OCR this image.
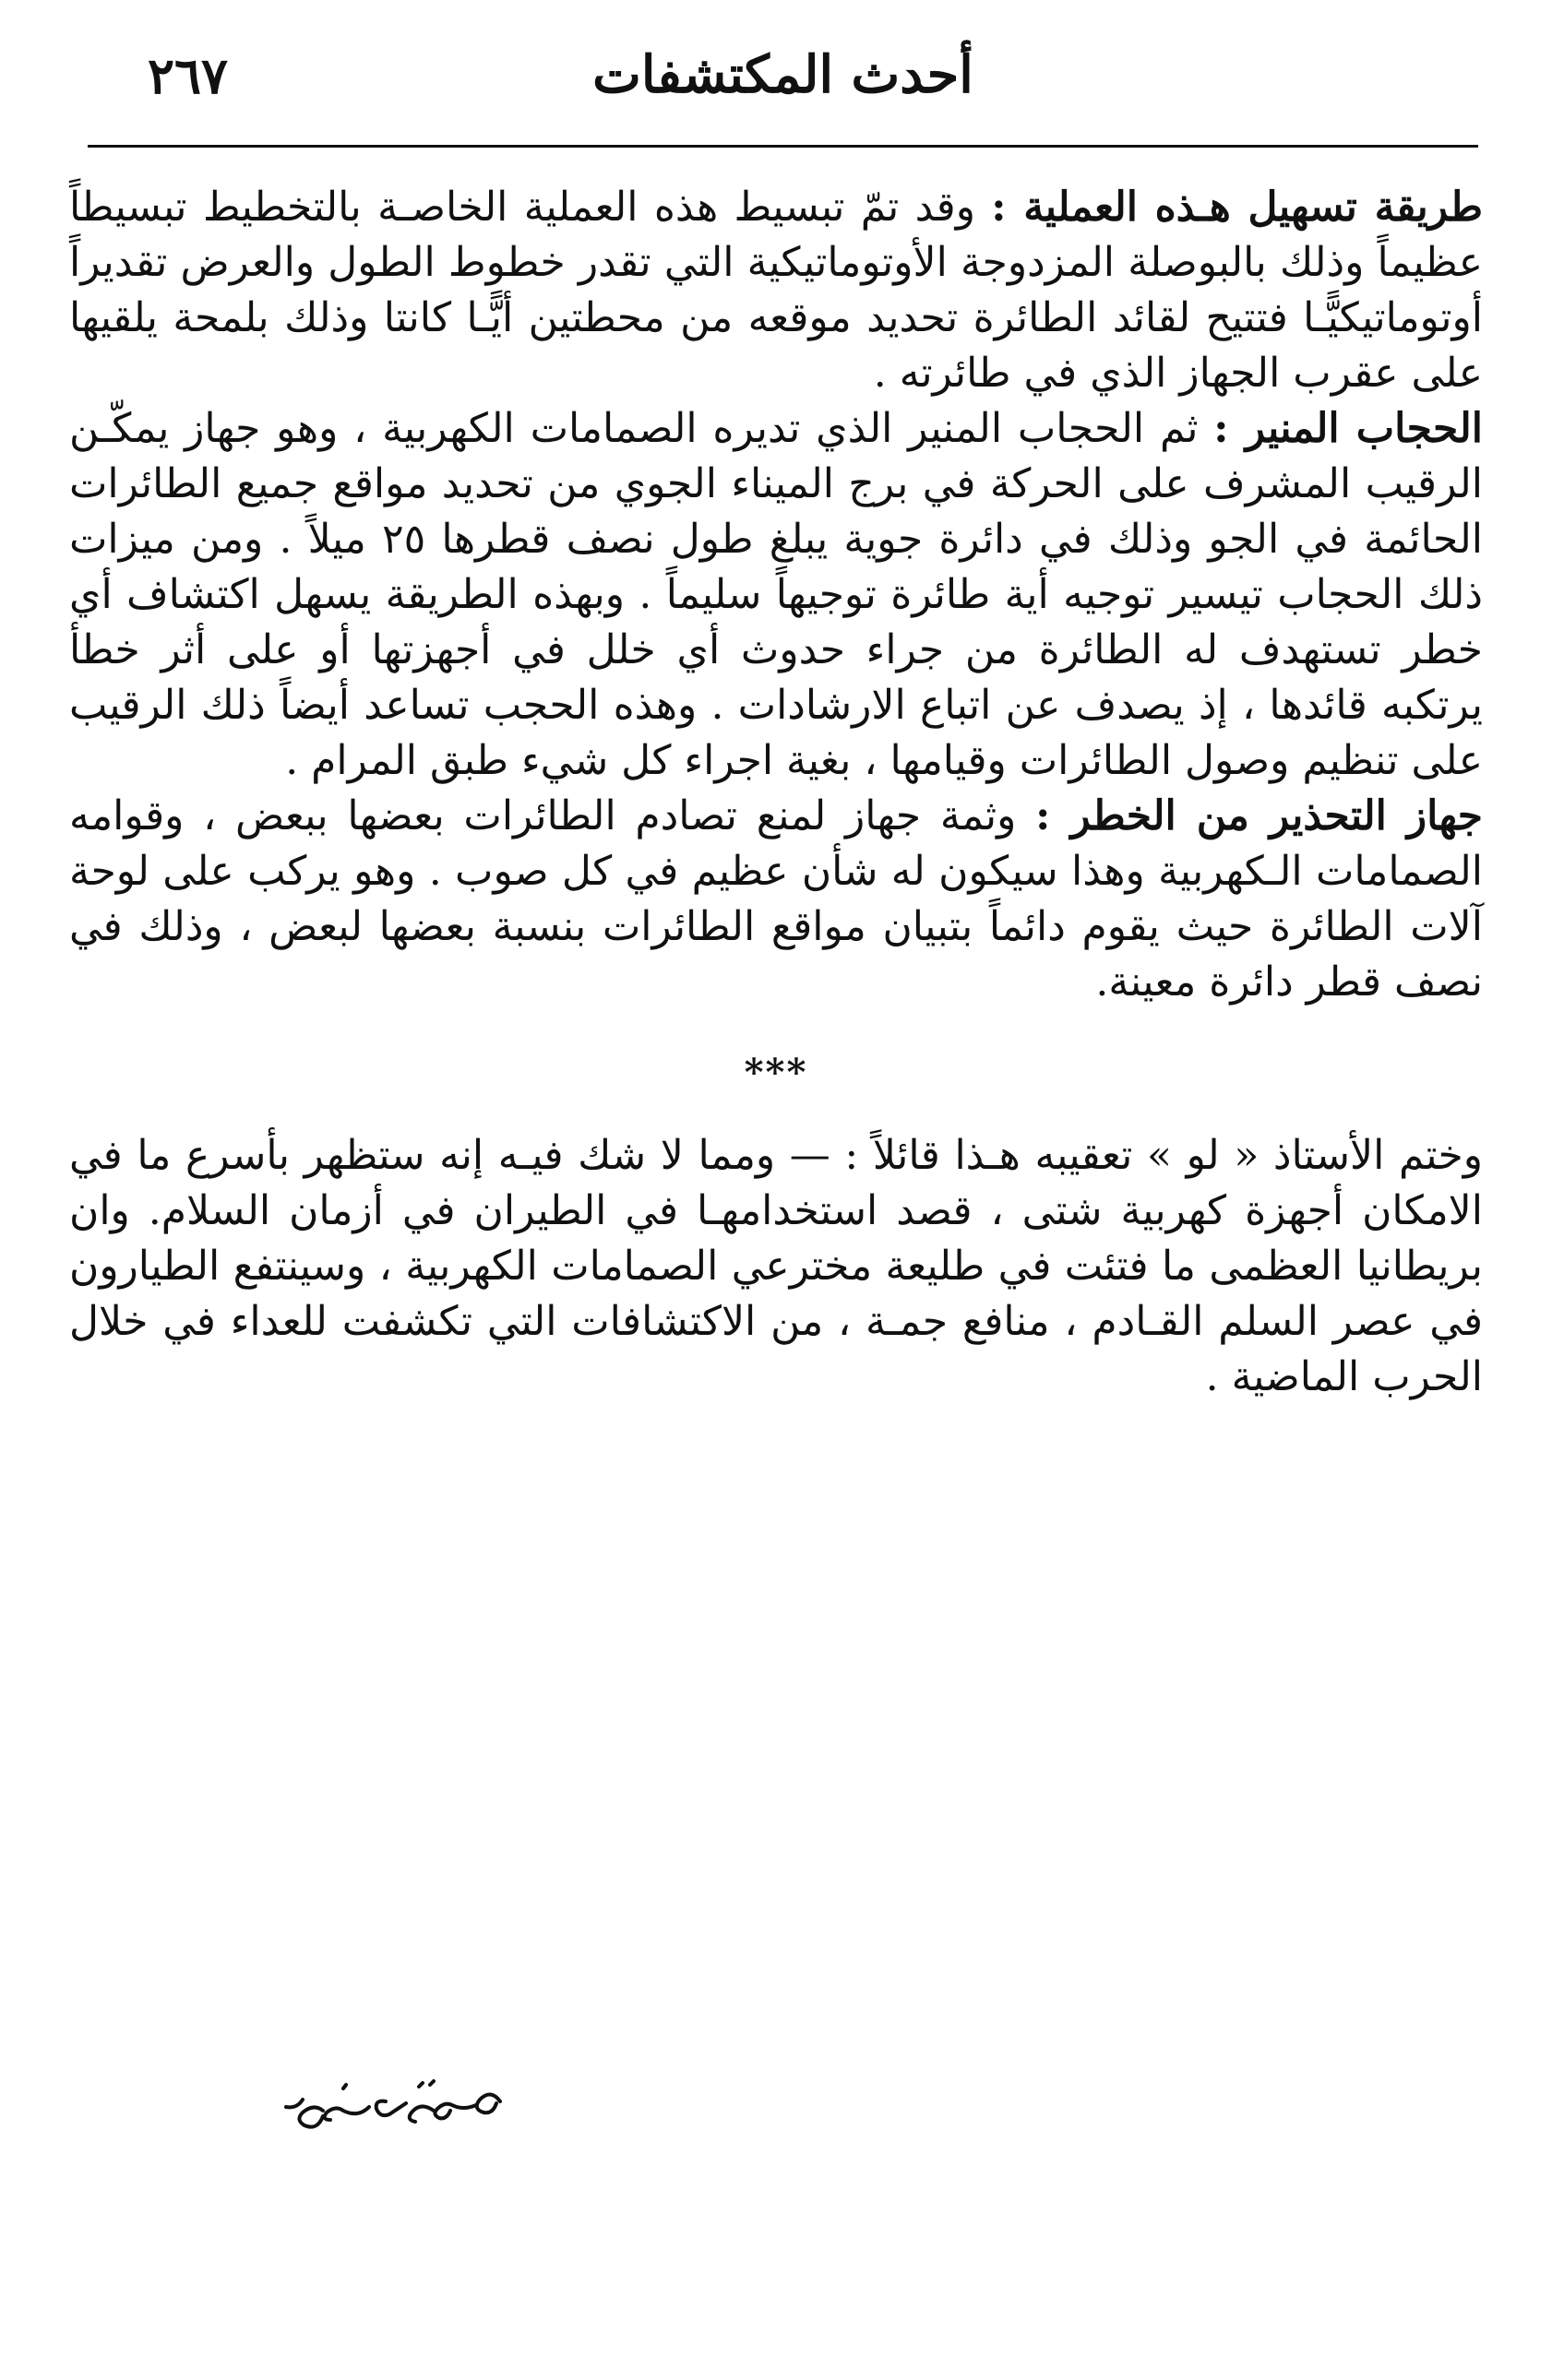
٢٦٧	أحدث المكتشفات

طريقة تسهيل هـذه العملية : وقد تمّ تبسيط هذه العملية الخاصـة بالتخطيط تبسيطاً عظيماً وذلك بالبوصلة المزدوجة الأوتوماتيكية التي تقدر خطوط الطول والعرض تقديراً أوتوماتيكيًّـا فتتيح لقائد الطائرة تحديد موقعه من محطتين أيًّـا كانتا وذلك بلمحة يلقيها على عقرب الجهاز الذي في طائرته .

الحجاب المنير : ثم الحجاب المنير الذي تديره الصمامات الكهربية ، وهو جهاز يمكّـن الرقيب المشرف على الحركة في برج الميناء الجوي من تحديد مواقع جميع الطائرات الحائمة في الجو وذلك في دائرة جوية يبلغ طول نصف قطرها ٢٥ ميلاً . ومن ميزات ذلك الحجاب تيسير توجيه أية طائرة توجيهاً سليماً . وبهذه الطريقة يسهل اكتشاف أي خطر تستهدف له الطائرة من جراء حدوث أي خلل في أجهزتها أو على أثر خطأ يرتكبه قائدها ، إذ يصدف عن اتباع الارشادات . وهذه الحجب تساعد أيضاً ذلك الرقيب على تنظيم وصول الطائرات وقيامها ، بغية اجراء كل شيء طبق المرام .

جهاز التحذير من الخطر : وثمة جهاز لمنع تصادم الطائرات بعضها ببعض ، وقوامه الصمامات الـكهربية وهذا سيكون له شأن عظيم في كل صوب . وهو يركب على لوحة آلات الطائرة حيث يقوم دائماً بتبيان مواقع الطائرات بنسبة بعضها لبعض ، وذلك في نصف قطر دائرة معينة.

***

وختم الأستاذ « لو » تعقيبه هـذا قائلاً : — ومما لا شك فيـه إنه ستظهر بأسرع ما في الامكان أجهزة كهربية شتى ، قصد استخدامهـا في الطيران في أزمان السلام. وان بريطانيا العظمى ما فتئت في طليعة مخترعي الصمامات الكهربية ، وسينتفع الطيارون في عصر السلم القـادم ، منافع جمـة ، من الاكتشافات التي تكشفت للعداء في خلال الحرب الماضية .
